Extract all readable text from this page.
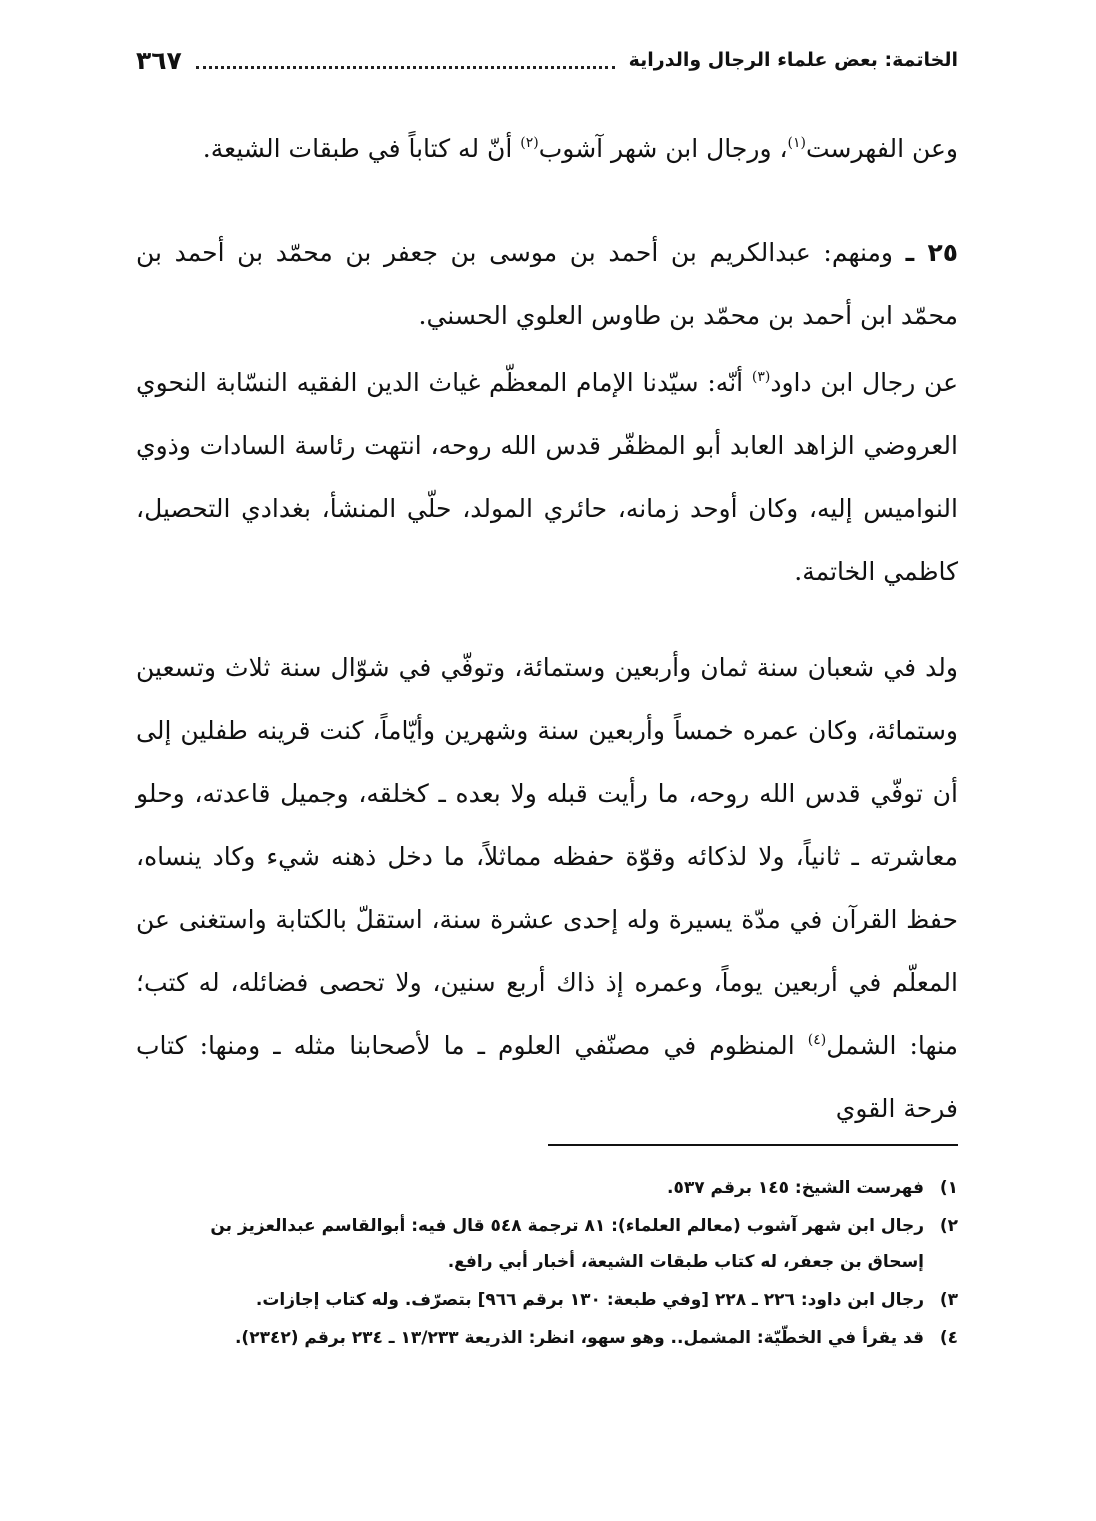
الخاتمة: بعض علماء الرجال والدراية
٣٦٧

وعن الفهرست$^{(١)}$، ورجال ابن شهر آشوب$^{(٢)}$ أنّ له كتاباً في طبقات الشيعة.

٢٥ ـ ومنهم: عبدالكريم بن أحمد بن موسى بن جعفر بن محمّد بن أحمد بن محمّد ابن أحمد بن محمّد بن طاوس العلوي الحسني.

عن رجال ابن داود$^{(٣)}$ أنّه: سيّدنا الإمام المعظّم غياث الدين الفقيه النسّابة النحوي العروضي الزاهد العابد أبو المظفّر قدس الله روحه، انتهت رئاسة السادات وذوي النواميس إليه، وكان أوحد زمانه، حائري المولد، حلّي المنشأ، بغدادي التحصيل، كاظمي الخاتمة.

ولد في شعبان سنة ثمان وأربعين وستمائة، وتوفّي في شوّال سنة ثلاث وتسعين وستمائة، وكان عمره خمساً وأربعين سنة وشهرين وأيّاماً، كنت قرينه طفلين إلى أن توفّي قدس الله روحه، ما رأيت قبله ولا بعده ـ كخلقه، وجميل قاعدته، وحلو معاشرته ـ ثانياً، ولا لذكائه وقوّة حفظه مماثلاً، ما دخل ذهنه شيء وكاد ينساه، حفظ القرآن في مدّة يسيرة وله إحدى عشرة سنة، استقلّ بالكتابة واستغنى عن المعلّم في أربعين يوماً، وعمره إذ ذاك أربع سنين، ولا تحصى فضائله، له كتب؛ منها: الشمل$^{(٤)}$ المنظوم في مصنّفي العلوم ـ ما لأصحابنا مثله ـ ومنها: كتاب فرحة القوي

١)
فهرست الشيخ: ١٤٥ برقم ٥٣٧.
٢)
رجال ابن شهر آشوب (معالم العلماء): ٨١ ترجمة ٥٤٨ قال فيه: أبوالقاسم عبدالعزيز بن
إسحاق بن جعفر، له كتاب طبقات الشيعة، أخبار أبي رافع.
٣)
رجال ابن داود: ٢٢٦ ـ ٢٢٨ [وفي طبعة: ١٣٠ برقم ٩٦٦] بتصرّف. وله كتاب إجازات.
٤)
قد يقرأ في الخطّيّة: المشمل.. وهو سهو، انظر: الذريعة ١٣/٢٣٣ ـ ٢٣٤ برقم (٢٣٤٢).
